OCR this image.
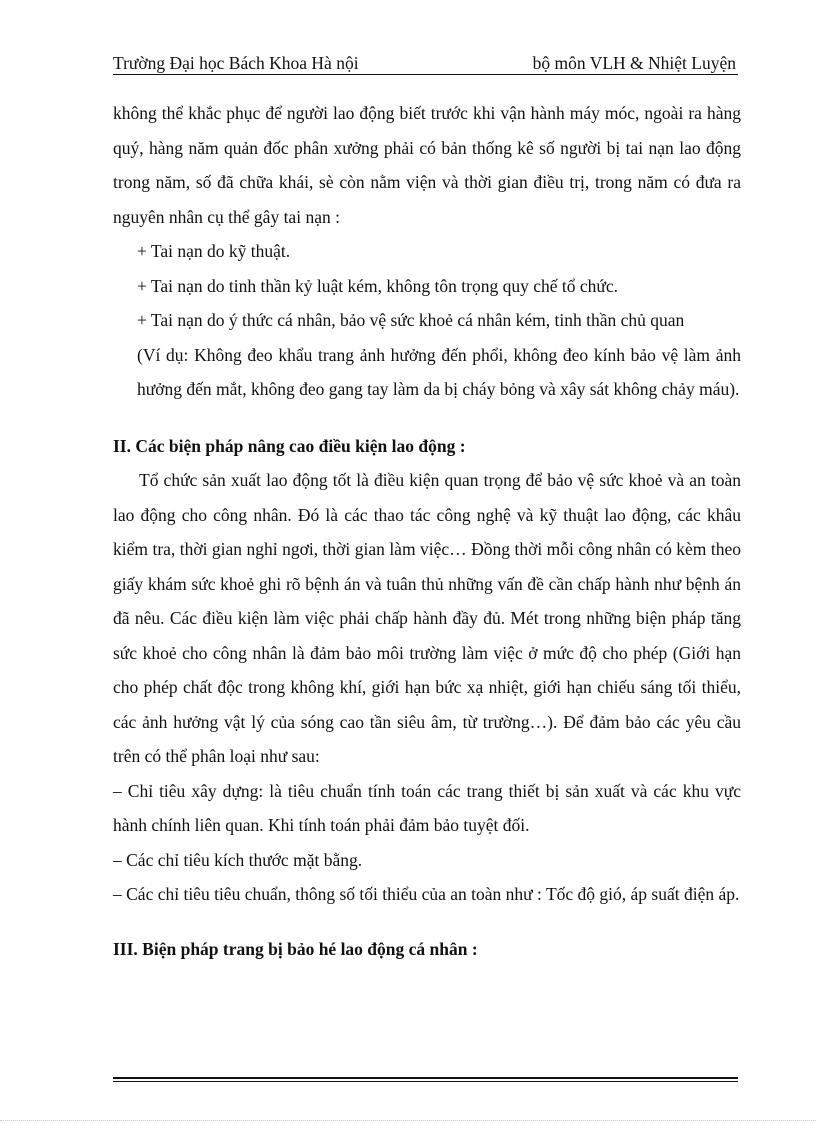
Trường Đại học Bách Khoa Hà nội	bộ môn VLH & Nhiệt Luyện

không thể khắc phục để người lao động biết trước khi vận hành máy móc, ngoài ra hàng quý, hàng năm quản đốc phân xưởng phải có bản thống kê số người bị tai nạn lao động trong năm, số đã chữa khái, sè còn nằm viện và thời gian điều trị, trong năm có đưa ra nguyên nhân cụ thể gây tai nạn :

+ Tai nạn do kỹ thuật.

+ Tai nạn do tinh thần kỷ luật kém, không tôn trọng quy chế tổ chức.

+ Tai nạn do ý thức cá nhân, bảo vệ sức khoẻ cá nhân kém, tinh thần chủ quan

(Ví dụ: Không đeo khẩu trang ảnh hưởng đến phổi, không đeo kính bảo vệ làm ảnh hưởng đến mắt, không đeo gang tay làm da bị cháy bỏng và xây sát không chảy máu).

II. Các biện pháp nâng cao điều kiện lao động :

Tổ chức sản xuất lao động tốt là điều kiện quan trọng để bảo vệ sức khoẻ và an toàn lao động cho công nhân. Đó là các thao tác công nghệ và kỹ thuật lao động, các khâu kiểm tra, thời gian nghỉ ngơi, thời gian làm việc… Đồng thời mỗi công nhân có kèm theo giấy khám sức khoẻ ghi rõ bệnh án và tuân thủ những vấn đề cần chấp hành như bệnh án đã nêu. Các điều kiện làm việc phải chấp hành đầy đủ. Mét trong những biện pháp tăng sức khoẻ cho công nhân là đảm bảo môi trường làm việc ở mức độ cho phép (Giới hạn cho phép chất độc trong không khí, giới hạn bức xạ nhiệt, giới hạn chiếu sáng tối thiểu, các ảnh hưởng vật lý của sóng cao tần siêu âm, từ trường…). Để đảm bảo các yêu cầu trên có thể phân loại như sau:

– Chỉ tiêu xây dựng: là tiêu chuẩn tính toán các trang thiết bị sản xuất và các khu vực hành chính liên quan. Khi tính toán phải đảm bảo tuyệt đối.

– Các chỉ tiêu kích thước mặt bằng.

– Các chỉ tiêu tiêu chuẩn, thông số tối thiểu của an toàn như : Tốc độ gió, áp suất điện áp.

III. Biện pháp trang bị bảo hé lao động cá nhân :
